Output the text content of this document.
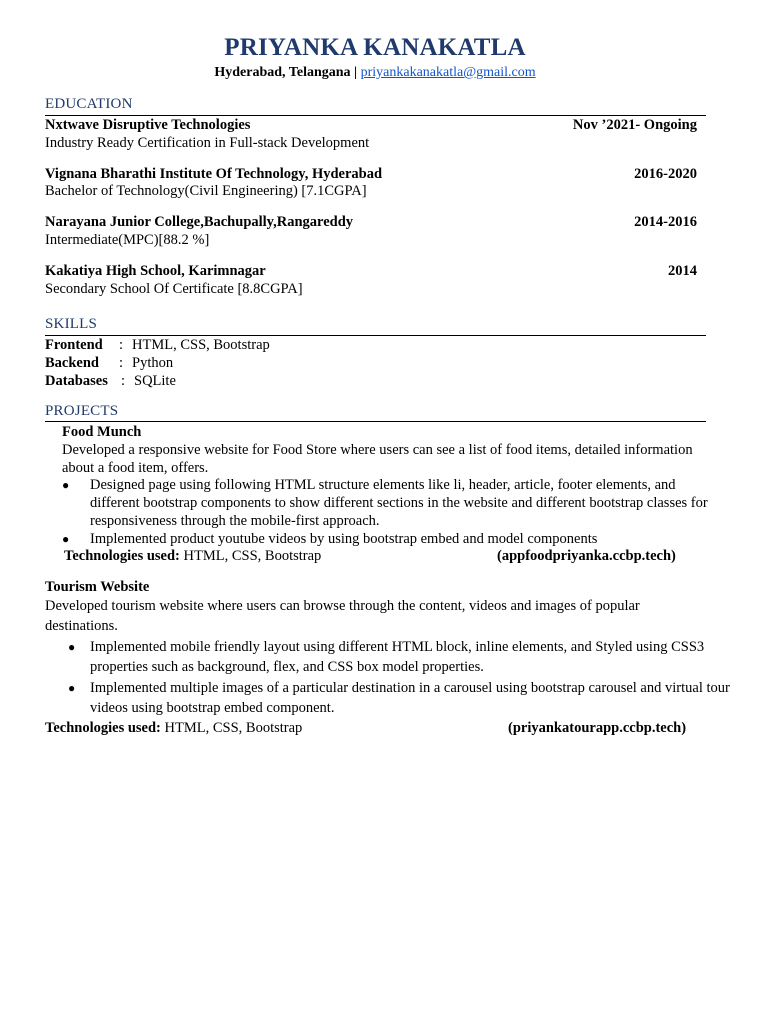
PRIYANKA KANAKATLA
Hyderabad, Telangana | priyankakanakatla@gmail.com
EDUCATION
Nxtwave Disruptive Technologies	Nov ’2021- Ongoing
Industry Ready Certification in Full-stack Development
Vignana Bharathi Institute Of Technology, Hyderabad	2016-2020
Bachelor of Technology(Civil Engineering) [7.1CGPA]
Narayana Junior College,Bachupally,Rangareddy	2014-2016
Intermediate(MPC)[88.2 %]
Kakatiya High School, Karimnagar	2014
Secondary School Of Certificate [8.8CGPA]
SKILLS
Frontend : HTML, CSS, Bootstrap
Backend : Python
Databases : SQLite
PROJECTS
Food Munch
Developed a responsive website for Food Store where users can see a list of food items, detailed information about a food item, offers.
● Designed page using following HTML structure elements like li, header, article, footer elements, and different bootstrap components to show different sections in the website and different bootstrap classes for responsiveness through the mobile-first approach.
● Implemented product youtube videos by using bootstrap embed and model components
Technologies used: HTML, CSS, Bootstrap	(appfoodpriyanka.ccbp.tech)
Tourism Website
Developed tourism website where users can browse through the content, videos and images of popular destinations.
● Implemented mobile friendly layout using different HTML block, inline elements, and Styled using CSS3 properties such as background, flex, and CSS box model properties.
● Implemented multiple images of a particular destination in a carousel using bootstrap carousel and virtual tour videos using bootstrap embed component.
Technologies used: HTML, CSS, Bootstrap	(priyankatourapp.ccbp.tech)
